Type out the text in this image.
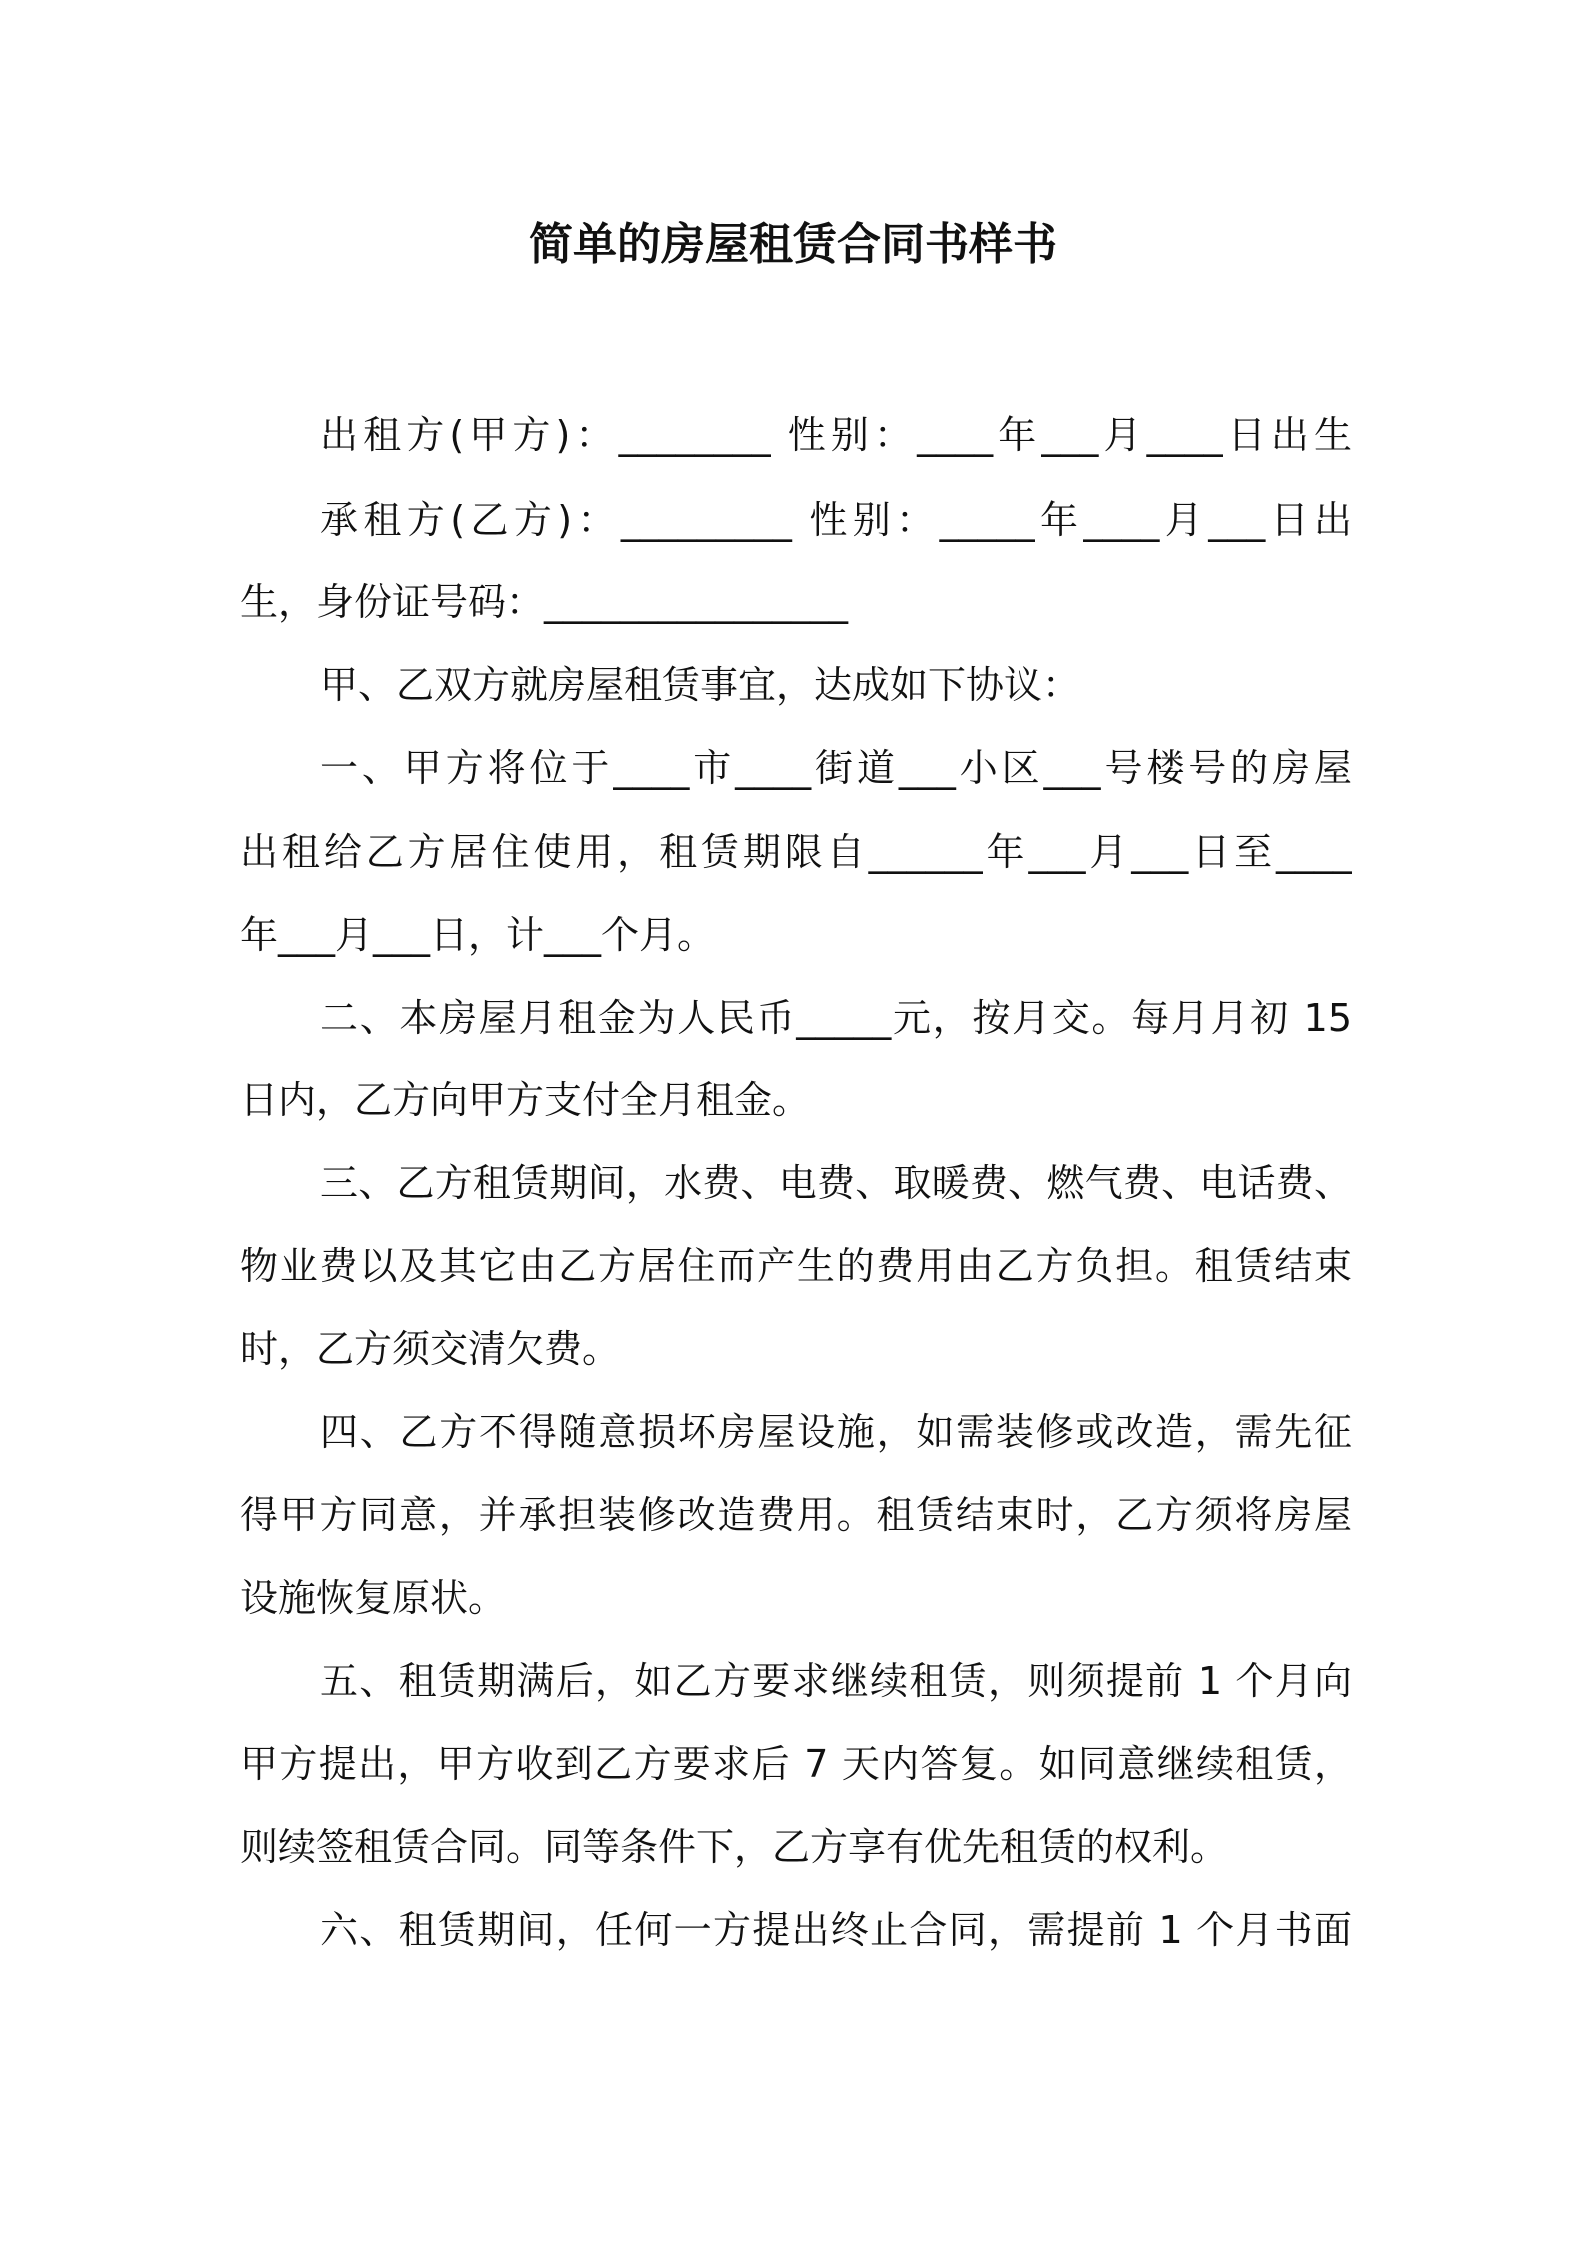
简单的房屋租赁合同书样书
出租方(甲方)：________ 性别：____年___月____日出生
承租方(乙方)：_________ 性别：_____年____月___日出
生，身份证号码：________________
甲、乙双方就房屋租赁事宜，达成如下协议：
一、甲方将位于____市____街道___小区___号楼号的房屋
出租给乙方居住使用，租赁期限自______年___月___日至____
年___月___日，计___个月。
二、本房屋月租金为人民币_____元，按月交。每月月初 15
日内，乙方向甲方支付全月租金。
三、乙方租赁期间，水费、电费、取暖费、燃气费、电话费、
物业费以及其它由乙方居住而产生的费用由乙方负担。租赁结束
时，乙方须交清欠费。
四、乙方不得随意损坏房屋设施，如需装修或改造，需先征
得甲方同意，并承担装修改造费用。租赁结束时，乙方须将房屋
设施恢复原状。
五、租赁期满后，如乙方要求继续租赁，则须提前 1 个月向
甲方提出，甲方收到乙方要求后 7 天内答复。如同意继续租赁，
则续签租赁合同。同等条件下，乙方享有优先租赁的权利。
六、租赁期间，任何一方提出终止合同，需提前 1 个月书面
